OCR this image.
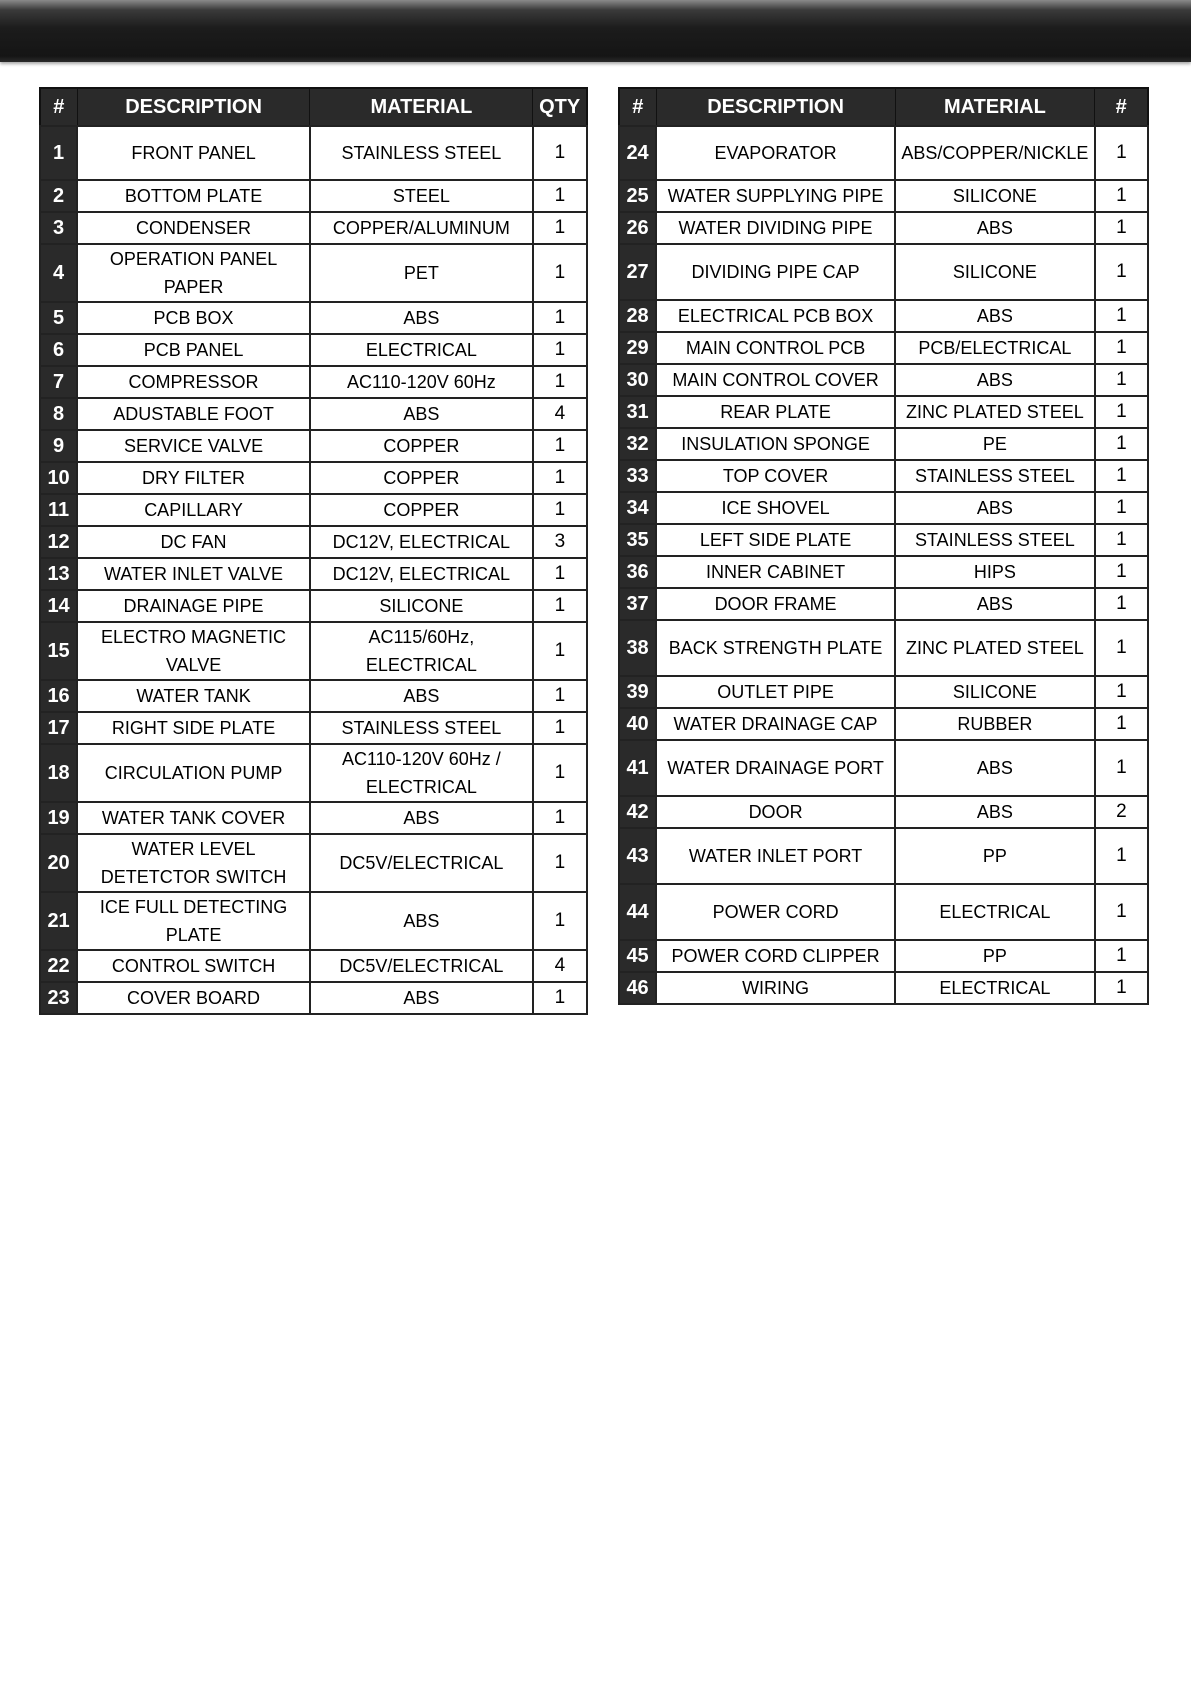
#	DESCRIPTION	MATERIAL	QTY
1	FRONT PANEL	STAINLESS STEEL	1
2	BOTTOM PLATE	STEEL	1
3	CONDENSER	COPPER/ALUMINUM	1
4	OPERATION PANEL PAPER	PET	1
5	PCB BOX	ABS	1
6	PCB PANEL	ELECTRICAL	1
7	COMPRESSOR	AC110-120V 60Hz	1
8	ADUSTABLE FOOT	ABS	4
9	SERVICE VALVE	COPPER	1
10	DRY FILTER	COPPER	1
11	CAPILLARY	COPPER	1
12	DC FAN	DC12V, ELECTRICAL	3
13	WATER INLET VALVE	DC12V, ELECTRICAL	1
14	DRAINAGE PIPE	SILICONE	1
15	ELECTRO MAGNETIC VALVE	AC115/60Hz, ELECTRICAL	1
16	WATER TANK	ABS	1
17	RIGHT SIDE PLATE	STAINLESS STEEL	1
18	CIRCULATION PUMP	AC110-120V 60Hz / ELECTRICAL	1
19	WATER TANK COVER	ABS	1
20	WATER LEVEL DETETCTOR SWITCH	DC5V/ELECTRICAL	1
21	ICE FULL DETECTING PLATE	ABS	1
22	CONTROL SWITCH	DC5V/ELECTRICAL	4
23	COVER BOARD	ABS	1
#	DESCRIPTION	MATERIAL	#
24	EVAPORATOR	ABS/COPPER/NICKLE	1
25	WATER SUPPLYING PIPE	SILICONE	1
26	WATER DIVIDING PIPE	ABS	1
27	DIVIDING PIPE CAP	SILICONE	1
28	ELECTRICAL PCB BOX	ABS	1
29	MAIN CONTROL PCB	PCB/ELECTRICAL	1
30	MAIN CONTROL COVER	ABS	1
31	REAR PLATE	ZINC PLATED STEEL	1
32	INSULATION SPONGE	PE	1
33	TOP COVER	STAINLESS STEEL	1
34	ICE SHOVEL	ABS	1
35	LEFT SIDE PLATE	STAINLESS STEEL	1
36	INNER CABINET	HIPS	1
37	DOOR FRAME	ABS	1
38	BACK STRENGTH PLATE	ZINC PLATED STEEL	1
39	OUTLET PIPE	SILICONE	1
40	WATER DRAINAGE CAP	RUBBER	1
41	WATER DRAINAGE PORT	ABS	1
42	DOOR	ABS	2
43	WATER INLET PORT	PP	1
44	POWER CORD	ELECTRICAL	1
45	POWER CORD CLIPPER	PP	1
46	WIRING	ELECTRICAL	1
